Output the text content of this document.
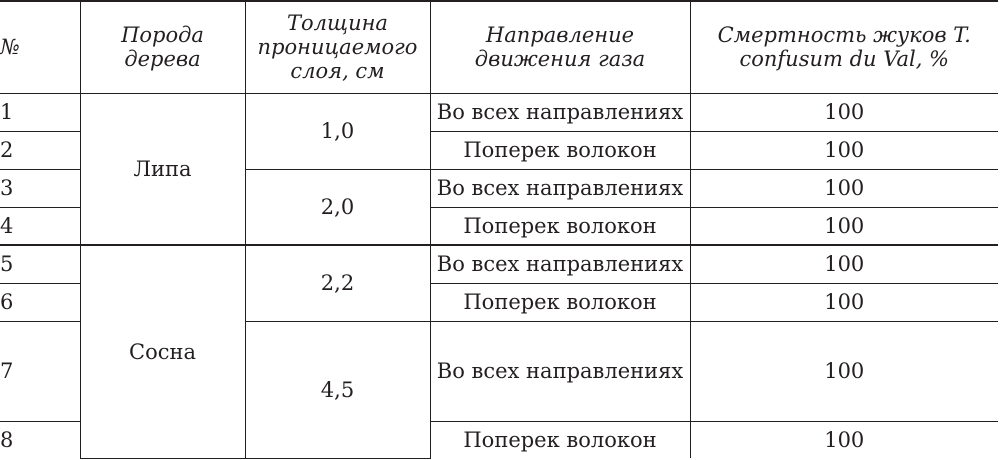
№	Порода дерева	Толщина проницаемого слоя, см	Направление движения газа	Смертность жуков T. confusum du Val, %
1	Липа	1,0	Во всех направлениях	100
2			Поперек волокон	100
3		2,0	Во всех направлениях	100
4			Поперек волокон	100
5	Сосна	2,2	Во всех направлениях	100
6			Поперек волокон	100
7		4,5	Во всех направлениях	100
8			Поперек волокон	100
